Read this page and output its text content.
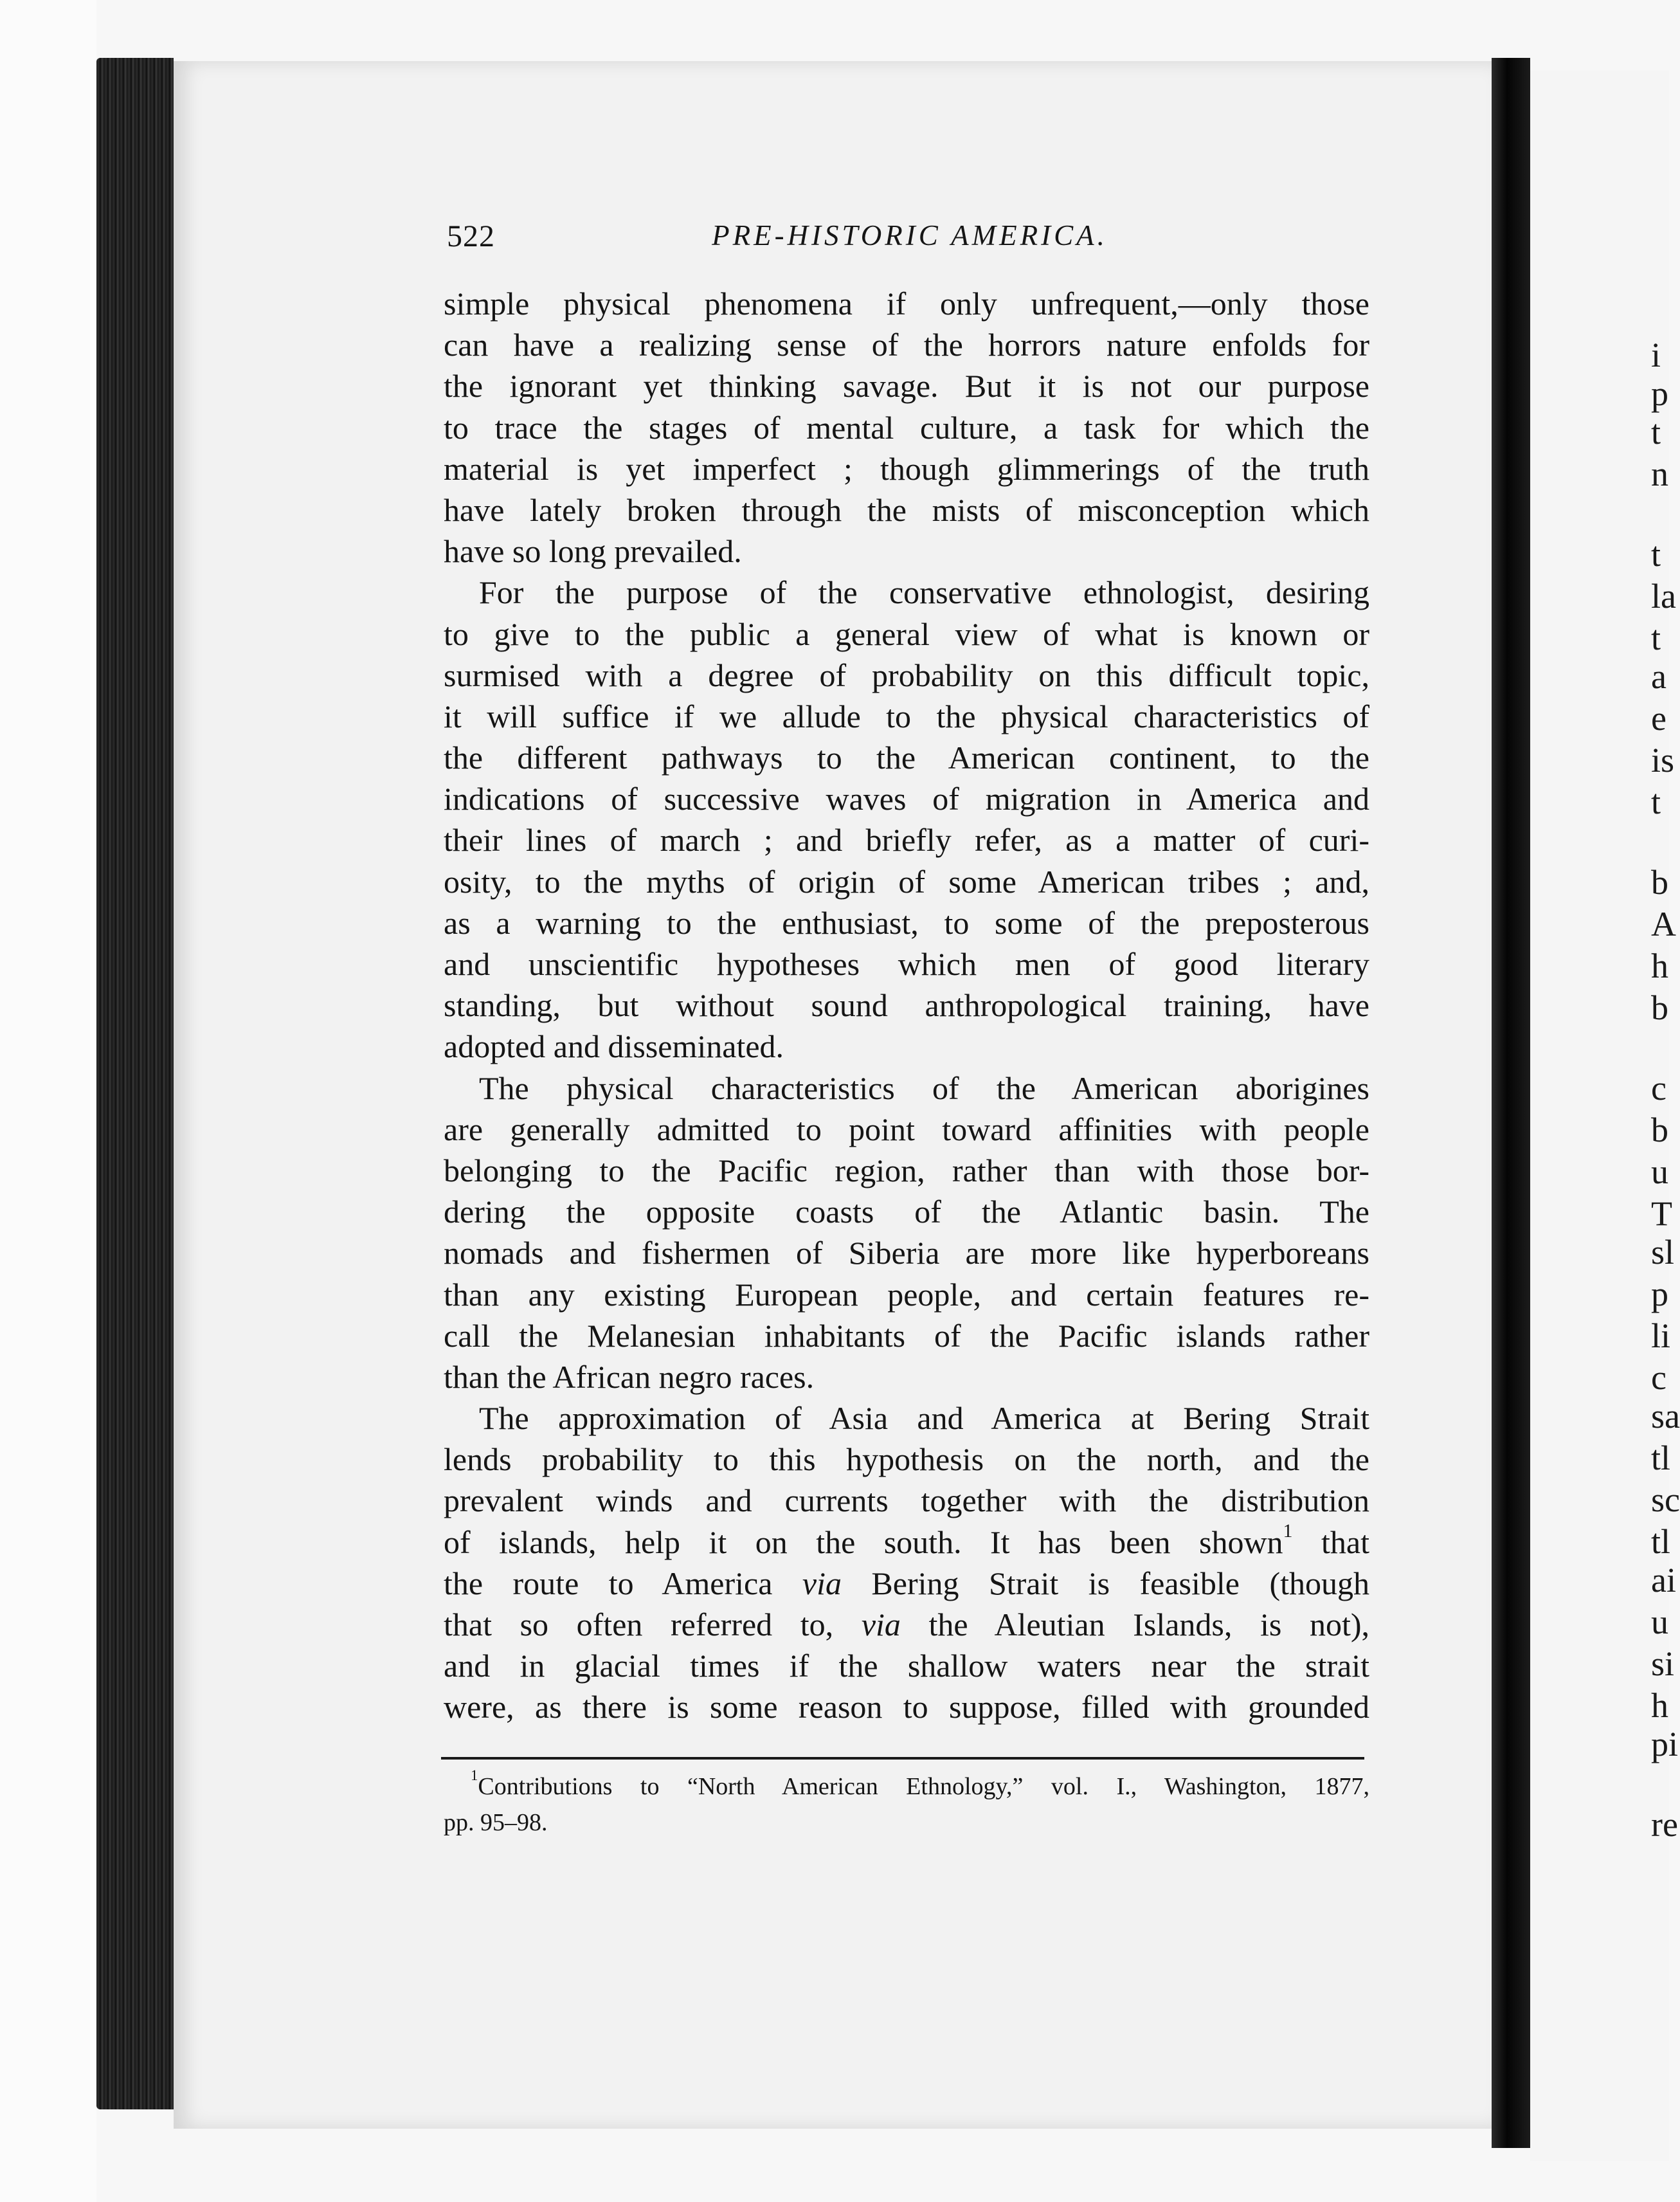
i
p
t
n
t
la
t
a
e
is
t
b
A
h
b
c
b
u
T
sl
p
li
c
sa
tl
sc
tl
ai
u
si
h
pi
re
522	PRE-HISTORIC AMERICA.
simple physical phenomena if only unfrequent,—only those
can have a realizing sense of the horrors nature enfolds for
the ignorant yet thinking savage. But it is not our purpose
to trace the stages of mental culture, a task for which the
material is yet imperfect ; though glimmerings of the truth
have lately broken through the mists of misconception which
have so long prevailed.
For the purpose of the conservative ethnologist, desiring
to give to the public a general view of what is known or
surmised with a degree of probability on this difficult topic,
it will suffice if we allude to the physical characteristics of
the different pathways to the American continent, to the
indications of successive waves of migration in America and
their lines of march ; and briefly refer, as a matter of curi-
osity, to the myths of origin of some American tribes ; and,
as a warning to the enthusiast, to some of the preposterous
and unscientific hypotheses which men of good literary
standing, but without sound anthropological training, have
adopted and disseminated.
The physical characteristics of the American aborigines
are generally admitted to point toward affinities with people
belonging to the Pacific region, rather than with those bor-
dering the opposite coasts of the Atlantic basin. The
nomads and fishermen of Siberia are more like hyperboreans
than any existing European people, and certain features re-
call the Melanesian inhabitants of the Pacific islands rather
than the African negro races.
The approximation of Asia and America at Bering Strait
lends probability to this hypothesis on the north, and the
prevalent winds and currents together with the distribution
of islands, help it on the south. It has been shown$^1$ that
the route to America via Bering Strait is feasible (though
that so often referred to, via the Aleutian Islands, is not),
and in glacial times if the shallow waters near the strait
were, as there is some reason to suppose, filled with grounded
$^1$Contributions to “North American Ethnology,” vol. I., Washington, 1877,
pp. 95–98.
